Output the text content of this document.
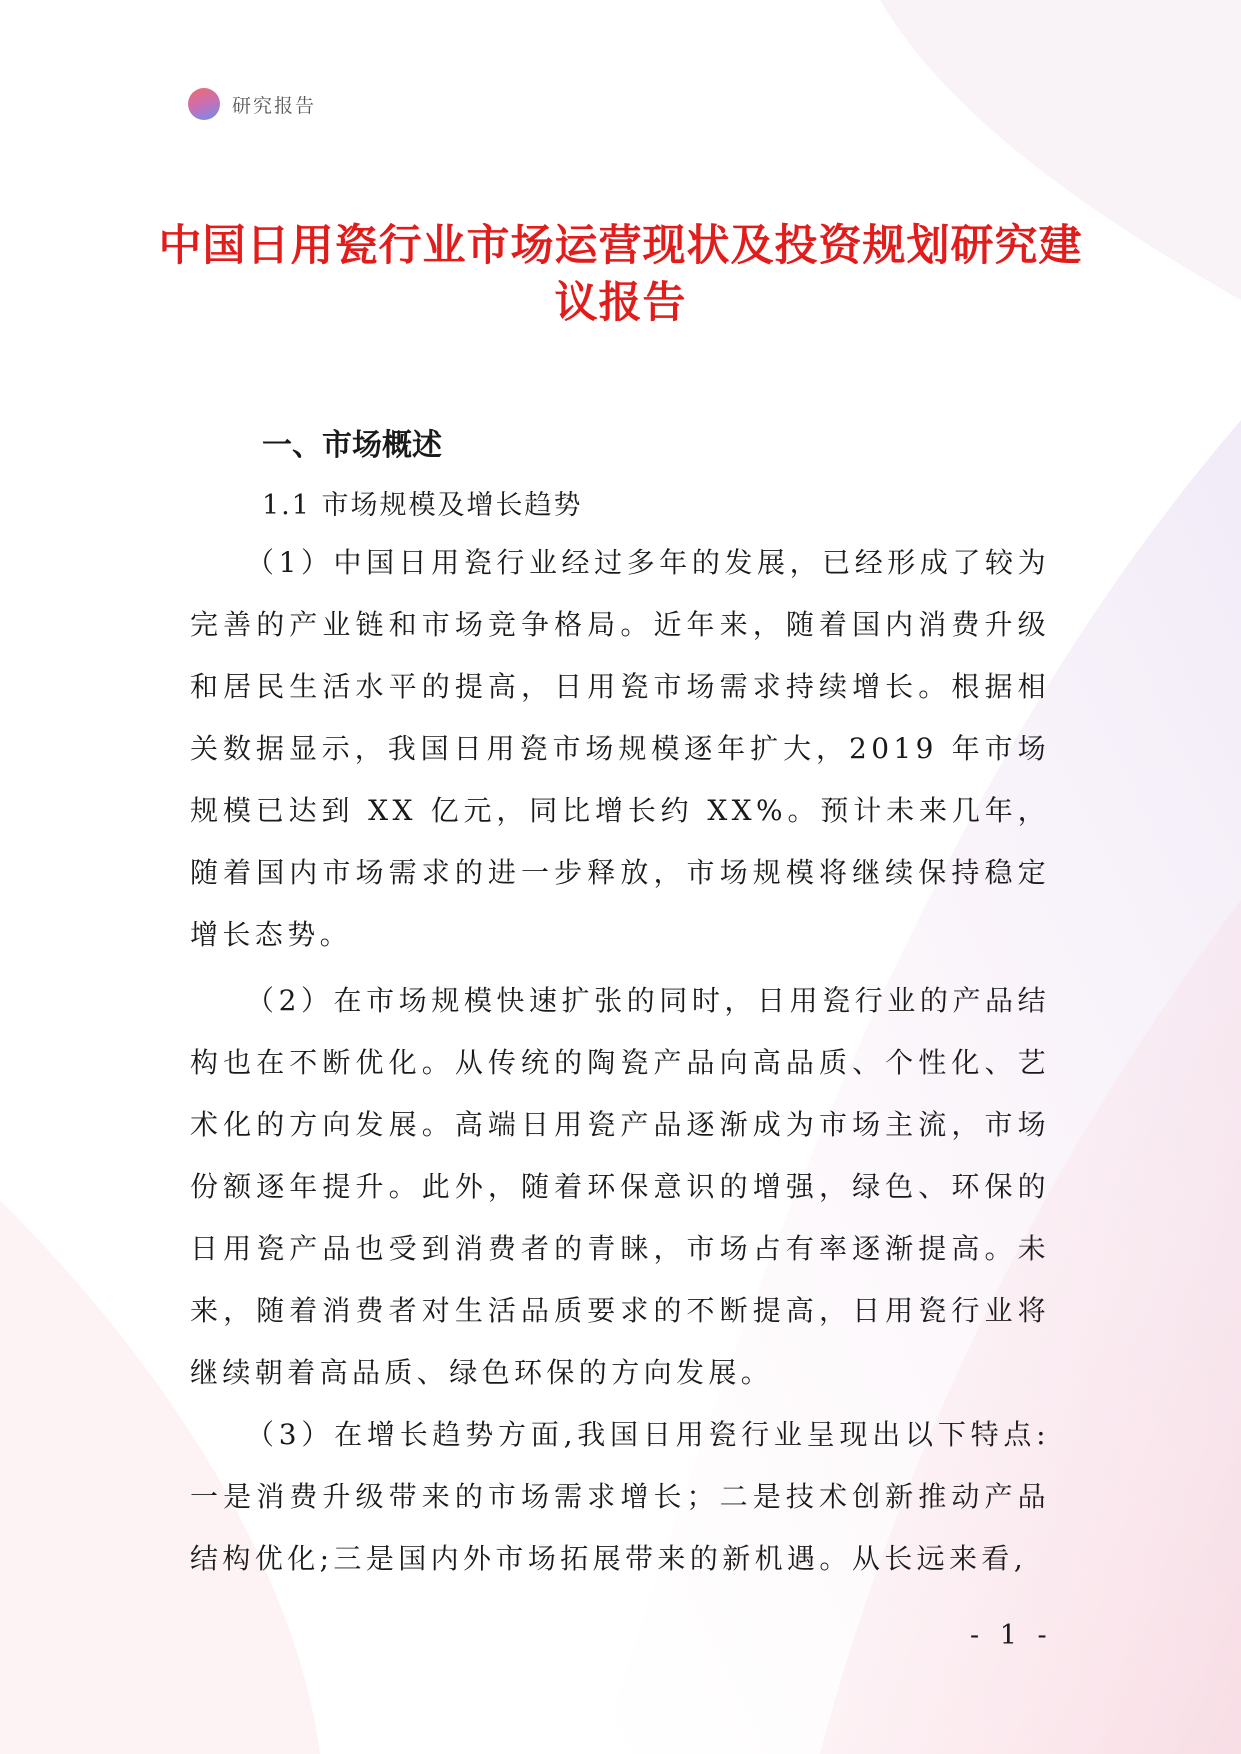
研究报告
中国日用瓷行业市场运营现状及投资规划研究建议报告
一、市场概述
1.1 市场规模及增长趋势

（1）中国日用瓷行业经过多年的发展，已经形成了较为完善的产业链和市场竞争格局。近年来，随着国内消费升级和居民生活水平的提高，日用瓷市场需求持续增长。根据相关数据显示，我国日用瓷市场规模逐年扩大，2019 年市场规模已达到 XX 亿元，同比增长约 XX%。预计未来几年，随着国内市场需求的进一步释放，市场规模将继续保持稳定增长态势。

（2）在市场规模快速扩张的同时，日用瓷行业的产品结构也在不断优化。从传统的陶瓷产品向高品质、个性化、艺术化的方向发展。高端日用瓷产品逐渐成为市场主流，市场份额逐年提升。此外，随着环保意识的增强，绿色、环保的日用瓷产品也受到消费者的青睐，市场占有率逐渐提高。未来，随着消费者对生活品质要求的不断提高，日用瓷行业将继续朝着高品质、绿色环保的方向发展。

（3）在增长趋势方面,我国日用瓷行业呈现出以下特点:一是消费升级带来的市场需求增长；二是技术创新推动产品结构优化;三是国内外市场拓展带来的新机遇。从长远来看,

- 1 -
